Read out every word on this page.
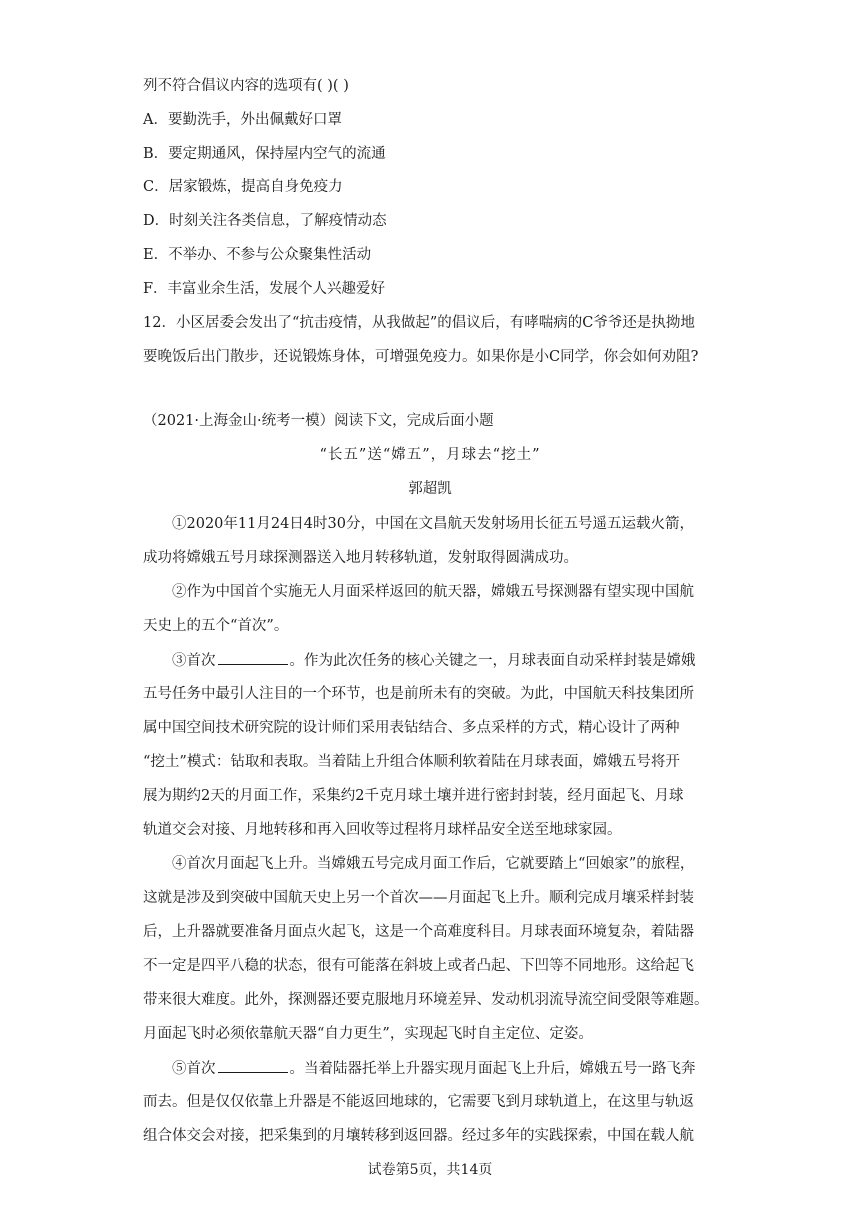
列不符合倡议内容的选项有( )( )
A．要勤洗手，外出佩戴好口罩
B．要定期通风，保持屋内空气的流通
C．居家锻炼，提高自身免疫力
D．时刻关注各类信息，了解疫情动态
E．不举办、不参与公众聚集性活动
F．丰富业余生活，发展个人兴趣爱好
12．小区居委会发出了“抗击疫情，从我做起”的倡议后，有哮喘病的C爷爷还是执拗地
要晚饭后出门散步，还说锻炼身体，可增强免疫力。如果你是小C同学，你会如何劝阻?
（2021·上海金山·统考一模）阅读下文，完成后面小题
“长五”送“嫦五”，月球去“挖土”
郭超凯
①2020年11月24日4时30分，中国在文昌航天发射场用长征五号遥五运载火箭，
成功将嫦娥五号月球探测器送入地月转移轨道，发射取得圆满成功。
②作为中国首个实施无人月面采样返回的航天器，嫦娥五号探测器有望实现中国航
天史上的五个“首次”。
③首次	。作为此次任务的核心关键之一，月球表面自动采样封装是嫦娥
五号任务中最引人注目的一个环节，也是前所未有的突破。为此，中国航天科技集团所
属中国空间技术研究院的设计师们采用表钻结合、多点采样的方式，精心设计了两种
“挖土”模式：钻取和表取。当着陆上升组合体顺利软着陆在月球表面，嫦娥五号将开
展为期约2天的月面工作，采集约2千克月球土壤并进行密封封装，经月面起飞、月球
轨道交会对接、月地转移和再入回收等过程将月球样品安全送至地球家园。
④首次月面起飞上升。当嫦娥五号完成月面工作后，它就要踏上“回娘家”的旅程，
这就是涉及到突破中国航天史上另一个首次——月面起飞上升。顺利完成月壤采样封装
后，上升器就要准备月面点火起飞，这是一个高难度科目。月球表面环境复杂，着陆器
不一定是四平八稳的状态，很有可能落在斜坡上或者凸起、下凹等不同地形。这给起飞
带来很大难度。此外，探测器还要克服地月环境差异、发动机羽流导流空间受限等难题。
月面起飞时必须依靠航天器“自力更生”，实现起飞时自主定位、定姿。
⑤首次	。当着陆器托举上升器实现月面起飞上升后，嫦娥五号一路飞奔
而去。但是仅仅依靠上升器是不能返回地球的，它需要飞到月球轨道上，在这里与轨返
组合体交会对接，把采集到的月壤转移到返回器。经过多年的实践探索，中国在载人航
试卷第5页，共14页
